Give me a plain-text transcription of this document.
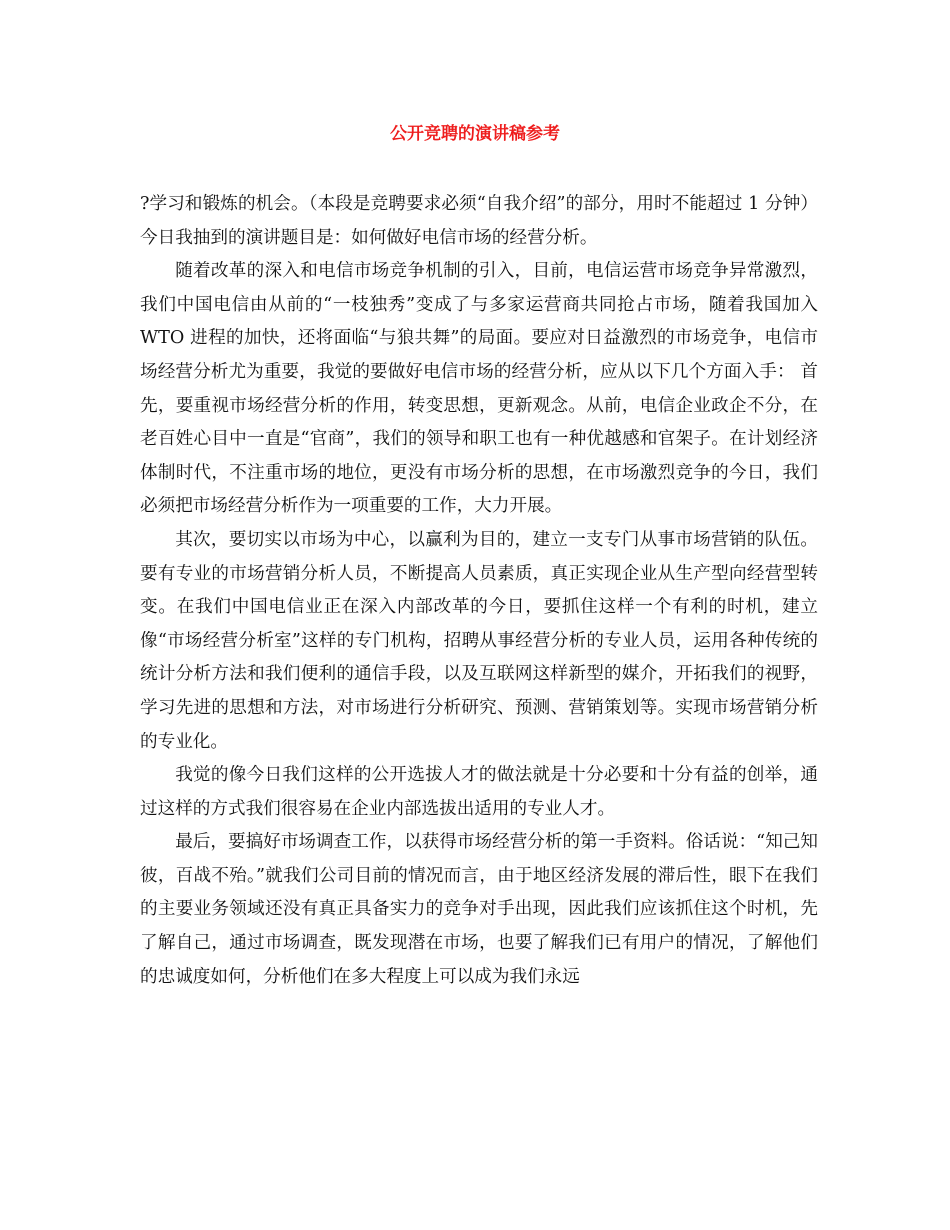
公开竞聘的演讲稿参考

?学习和锻炼的机会。（本段是竞聘要求必须“自我介绍”的部分，用时不能超过 1 分钟） 今日我抽到的演讲题目是：如何做好电信市场的经营分析。

随着改革的深入和电信市场竞争机制的引入，目前，电信运营市场竞争异常激烈，我们中国电信由从前的“一枝独秀”变成了与多家运营商共同抢占市场，随着我国加入 WTO 进程的加快，还将面临“与狼共舞”的局面。要应对日益激烈的市场竞争，电信市场经营分析尤为重要，我觉的要做好电信市场的经营分析，应从以下几个方面入手： 首先，要重视市场经营分析的作用，转变思想，更新观念。从前，电信企业政企不分，在老百姓心目中一直是“官商”，我们的领导和职工也有一种优越感和官架子。在计划经济体制时代，不注重市场的地位，更没有市场分析的思想，在市场激烈竞争的今日，我们必须把市场经营分析作为一项重要的工作，大力开展。

其次，要切实以市场为中心，以赢利为目的，建立一支专门从事市场营销的队伍。要有专业的市场营销分析人员，不断提高人员素质，真正实现企业从生产型向经营型转变。在我们中国电信业正在深入内部改革的今日，要抓住这样一个有利的时机，建立像“市场经营分析室”这样的专门机构，招聘从事经营分析的专业人员，运用各种传统的统计分析方法和我们便利的通信手段，以及互联网这样新型的媒介，开拓我们的视野，学习先进的思想和方法，对市场进行分析研究、预测、营销策划等。实现市场营销分析的专业化。

我觉的像今日我们这样的公开选拔人才的做法就是十分必要和十分有益的创举，通过这样的方式我们很容易在企业内部选拔出适用的专业人才。

最后，要搞好市场调查工作，以获得市场经营分析的第一手资料。俗话说：“知己知彼，百战不殆。”就我们公司目前的情况而言，由于地区经济发展的滞后性，眼下在我们的主要业务领域还没有真正具备实力的竞争对手出现，因此我们应该抓住这个时机，先了解自己，通过市场调查，既发现潜在市场，也要了解我们已有用户的情况，了解他们的忠诚度如何，分析他们在多大程度上可以成为我们永远
